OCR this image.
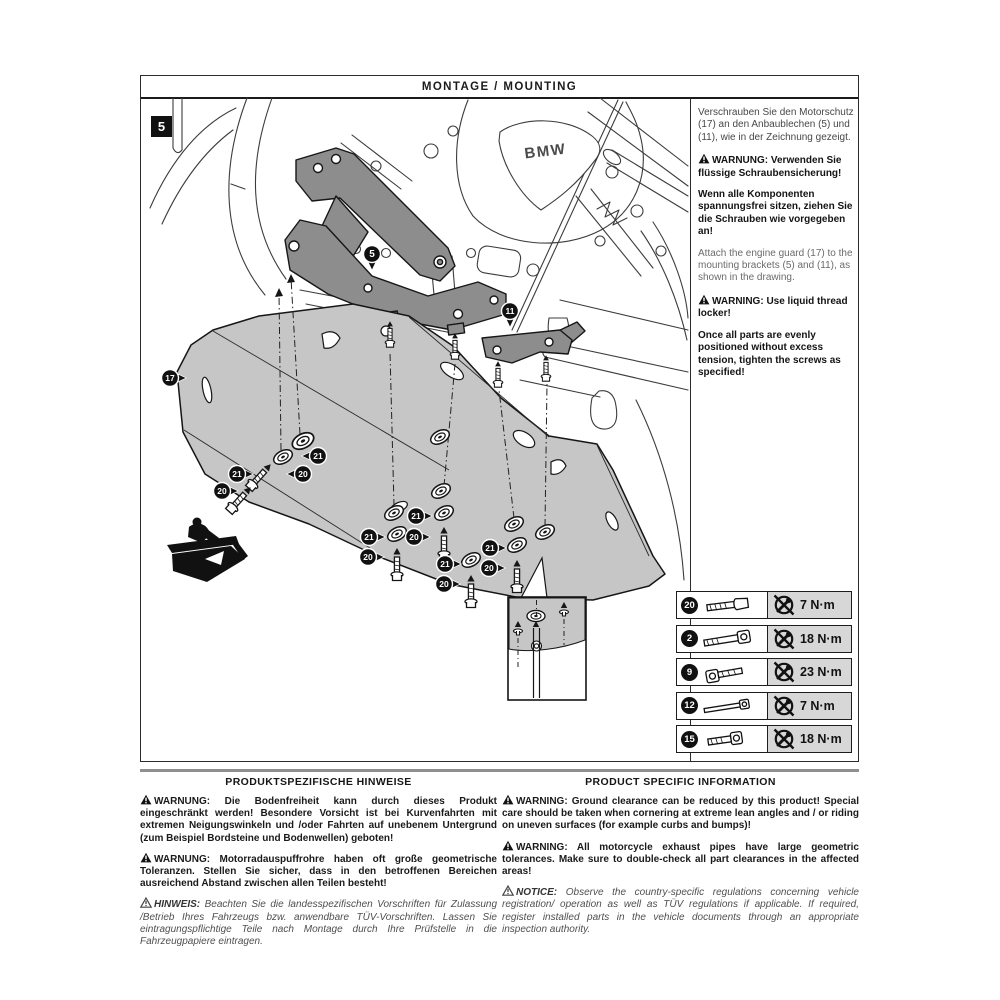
MONTAGE / MOUNTING
5
BMW
17
5
11
21
20
21
20
21
20
21
20
21
20
21
20

Verschrauben Sie den Motorschutz (17) an den Anbaublechen (5) und (11), wie in der Zeichnung gezeigt.

WARNUNG: Verwenden Sie flüssige Schraubensicherung!

Wenn alle Komponenten spannungsfrei sitzen, ziehen Sie die Schrauben wie vorgegeben an!

Attach the engine guard (17) to the mounting brackets (5) and (11), as shown in the drawing.

WARNING: Use liquid thread locker!

Once all parts are evenly positioned without excess tension, tighten the screws as specified!

20	7 N·m
2	18 N·m
9	23 N·m
12	7 N·m
15	18 N·m
PRODUKTSPEZIFISCHE HINWEISE

WARNUNG: Die Bodenfreiheit kann durch dieses Produkt eingeschränkt werden! Besondere Vorsicht ist bei Kurvenfahrten mit extremen Neigungswinkeln und /oder Fahrten auf unebenem Untergrund (zum Beispiel Bordsteine und Bodenwellen) geboten!

WARNUNG: Motorradauspuffrohre haben oft große geometrische Toleranzen. Stellen Sie sicher, dass in den betroffenen Bereichen ausreichend Abstand zwischen allen Teilen besteht!

HINWEIS: Beachten Sie die landesspezifischen Vorschriften für Zulassung /Betrieb Ihres Fahrzeugs bzw. anwendbare TÜV-Vorschriften. Lassen Sie eintragungspflichtige Teile nach Montage durch Ihre Prüfstelle in die Fahrzeugpapiere eintragen.

PRODUCT SPECIFIC INFORMATION

WARNING: Ground clearance can be reduced by this product! Special care should be taken when cornering at extreme lean angles and / or riding on uneven surfaces (for example curbs and bumps)!

WARNING: All motorcycle exhaust pipes have large geometric tolerances. Make sure to double-check all part clearances in the affected areas!

NOTICE: Observe the country-specific regulations concerning vehicle registration/ operation as well as TÜV regulations if applicable. If required, register installed parts in the vehicle documents through an appropriate inspection authority.
